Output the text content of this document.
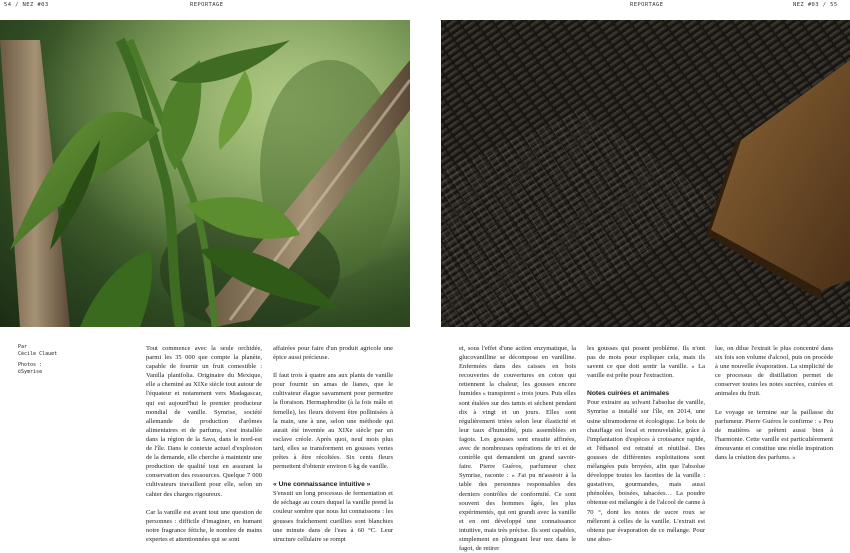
54 / NEZ #03	REPORTAGE	REPORTAGE	NEZ #03 / 55
Par
Cécile Clauet
Photos :
©Symrise

Tout commence avec la seule orchidée, parmi les 35 000 que compte la planète, capable de fournir un fruit comestible : Vanilla planifolia. Originaire du Mexique, elle a cheminé au XIXe siècle tout autour de l'équateur et notamment vers Madagascar, qui est aujourd'hui le premier producteur mondial de vanille. Symrise, société allemande de production d'arômes alimentaires et de parfums, s'est installée dans la région de la Sava, dans le nord-est de l'île. Dans le contexte actuel d'explosion de la demande, elle cherche à maintenir une production de qualité tout en assurant la conservation des ressources. Quelque 7 000 cultivateurs travaillent pour elle, selon un cahier des charges rigoureux.

Car la vanille est avant tout une question de personnes : difficile d'imaginer, en humant notre fragrance fétiche, le nombre de mains expertes et attentionnées qui se sont

affairées pour faire d'un produit agricole une épice aussi précieuse.

Il faut trois à quatre ans aux plants de vanille pour fournir un amas de lianes, que le cultivateur élague savamment pour permettre la floraison. Hermaphrodite (à la fois mâle et femelle), les fleurs doivent être pollinisées à la main, une à une, selon une méthode qui aurait été inventée au XIXe siècle par un esclave créole. Après quoi, neuf mois plus tard, elles se transforment en gousses vertes prêtes à être récoltées. Six cents fleurs permettent d'obtenir environ 6 kg de vanille.

« Une connaissance intuitive »

S'ensuit un long processus de fermentation et de séchage au cours duquel la vanille prend la couleur sombre que nous lui connaissons : les gousses fraîchement cueillies sont blanchies une minute dans de l'eau à 60 °C. Leur structure cellulaire se rompt

et, sous l'effet d'une action enzymatique, la glucovanilline se décompose en vanilline. Enfermées dans des caisses en bois recouvertes de couvertures en coton qui retiennent la chaleur, les gousses encore humides « transpirent » trois jours. Puis elles sont étalées sur des tamis et séchent pendant dix à vingt et un jours. Elles sont régulièrement triées selon leur élasticité et leur taux d'humidité, puis assemblées en fagots. Les gousses sont ensuite affinées, avec de nombreuses opérations de tri et de contrôle qui demandent un grand savoir-faire. Pierre Guéros, parfumeur chez Symrise, raconte : « J'ai pu m'asseoir à la table des personnes responsables des derniers contrôles de conformité. Ce sont souvent des hommes âgés, les plus expérimentés, qui ont grandi avec la vanille et en ont développé une connaissance intuitive, mais très précise. Ils sont capables, simplement en plongeant leur nez dans le fagot, de retirer

les gousses qui posent problème. Ils n'ont pas de mots pour expliquer cela, mais ils savent ce que doit sentir la vanille. » La vanille est prête pour l'extraction.

Notes cuirées et animales

Pour extraire au solvant l'absolue de vanille, Symrise a installé sur l'île, en 2014, une usine ultramoderne et écologique. Le bois de chauffage est local et renouvelable, grâce à l'implantation d'espèces à croissance rapide, et l'éthanol est retraité et réutilisé. Des gousses de différentes exploitations sont mélangées puis broyées, afin que l'absolue développe toutes les facettes de la vanille : gustatives, gourmandes, mais aussi phénolées, boisées, tabacées… La poudre obtenue est mélangée à de l'alcool de canne à 70 °, dont les notes de sucre roux se mêleront à celles de la vanille. L'extrait est obtenu par évaporation de ce mélange. Pour une abso-

lue, on dilue l'extrait le plus concentré dans six fois son volume d'alcool, puis on procède à une nouvelle évaporation. La simplicité de ce processus de distillation permet de conserver toutes les notes sucrées, cuirées et animales du fruit.

Le voyage se termine sur la paillasse du parfumeur. Pierre Guéros le confirme : « Peu de matières se prêtent aussi bien à l'harmonie. Cette vanille est particulièrement émouvante et constitue une réelle inspiration dans la création des parfums. »
